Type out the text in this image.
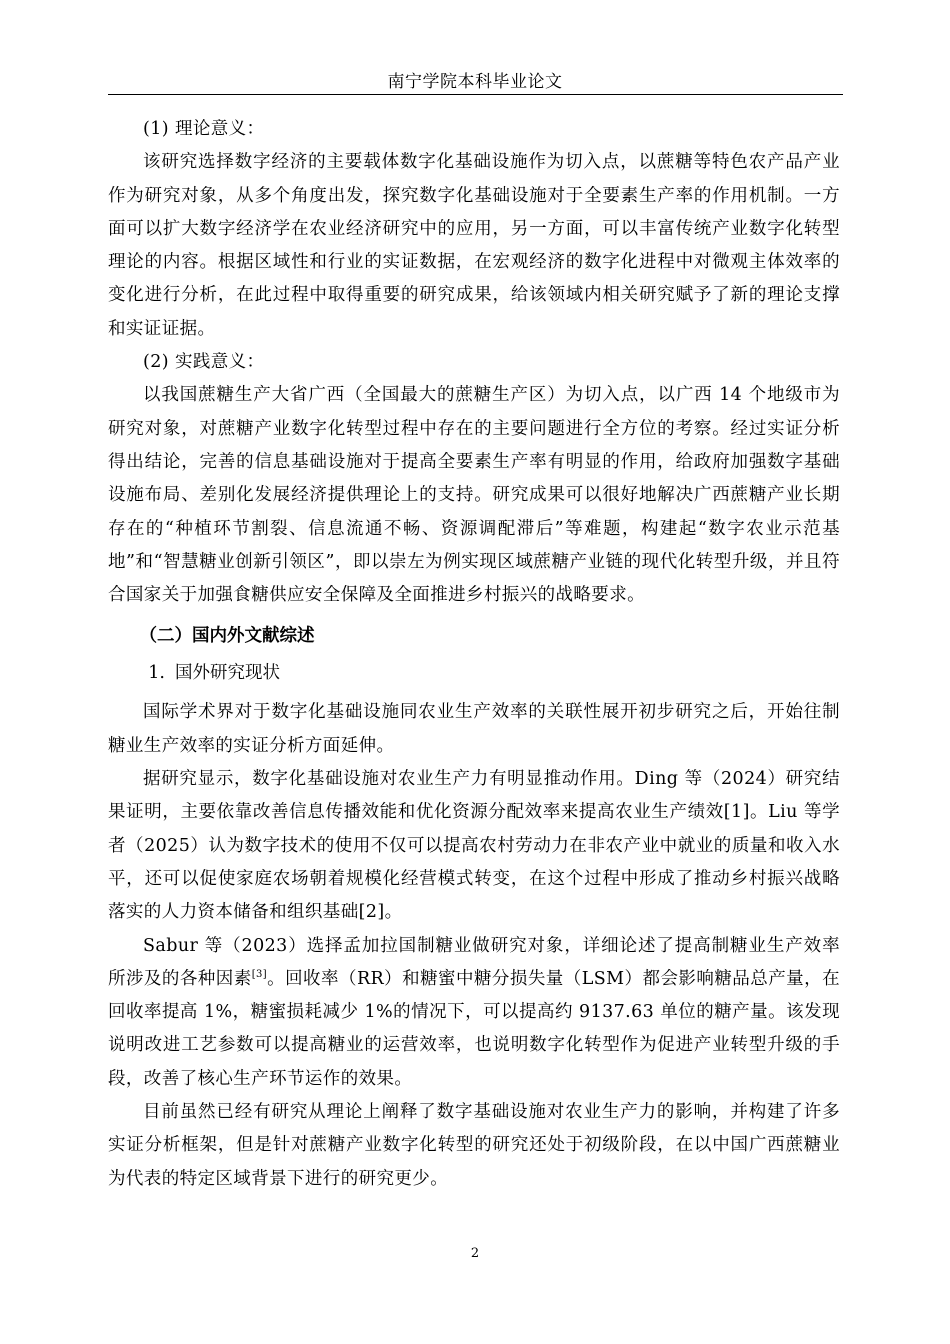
南宁学院本科毕业论文

(1) 理论意义：

该研究选择数字经济的主要载体数字化基础设施作为切入点，以蔗糖等特色农产品产业作为研究对象，从多个角度出发，探究数字化基础设施对于全要素生产率的作用机制。一方面可以扩大数字经济学在农业经济研究中的应用，另一方面，可以丰富传统产业数字化转型理论的内容。根据区域性和行业的实证数据，在宏观经济的数字化进程中对微观主体效率的变化进行分析，在此过程中取得重要的研究成果，给该领域内相关研究赋予了新的理论支撑和实证证据。

(2) 实践意义：

以我国蔗糖生产大省广西（全国最大的蔗糖生产区）为切入点，以广西 14 个地级市为研究对象，对蔗糖产业数字化转型过程中存在的主要问题进行全方位的考察。经过实证分析得出结论，完善的信息基础设施对于提高全要素生产率有明显的作用，给政府加强数字基础设施布局、差别化发展经济提供理论上的支持。研究成果可以很好地解决广西蔗糖产业长期存在的“种植环节割裂、信息流通不畅、资源调配滞后”等难题，构建起“数字农业示范基地”和“智慧糖业创新引领区”，即以崇左为例实现区域蔗糖产业链的现代化转型升级，并且符合国家关于加强食糖供应安全保障及全面推进乡村振兴的战略要求。

（二）国内外文献综述

1. 国外研究现状

国际学术界对于数字化基础设施同农业生产效率的关联性展开初步研究之后，开始往制糖业生产效率的实证分析方面延伸。

据研究显示，数字化基础设施对农业生产力有明显推动作用。Ding 等（2024）研究结果证明，主要依靠改善信息传播效能和优化资源分配效率来提高农业生产绩效[1]。Liu 等学者（2025）认为数字技术的使用不仅可以提高农村劳动力在非农产业中就业的质量和收入水平，还可以促使家庭农场朝着规模化经营模式转变，在这个过程中形成了推动乡村振兴战略落实的人力资本储备和组织基础[2]。

Sabur 等（2023）选择孟加拉国制糖业做研究对象，详细论述了提高制糖业生产效率所涉及的各种因素[3]。回收率（RR）和糖蜜中糖分损失量（LSM）都会影响糖品总产量，在回收率提高 1%，糖蜜损耗减少 1%的情况下，可以提高约 9137.63 单位的糖产量。该发现说明改进工艺参数可以提高糖业的运营效率，也说明数字化转型作为促进产业转型升级的手段，改善了核心生产环节运作的效果。

目前虽然已经有研究从理论上阐释了数字基础设施对农业生产力的影响，并构建了许多实证分析框架，但是针对蔗糖产业数字化转型的研究还处于初级阶段，在以中国广西蔗糖业为代表的特定区域背景下进行的研究更少。

2
